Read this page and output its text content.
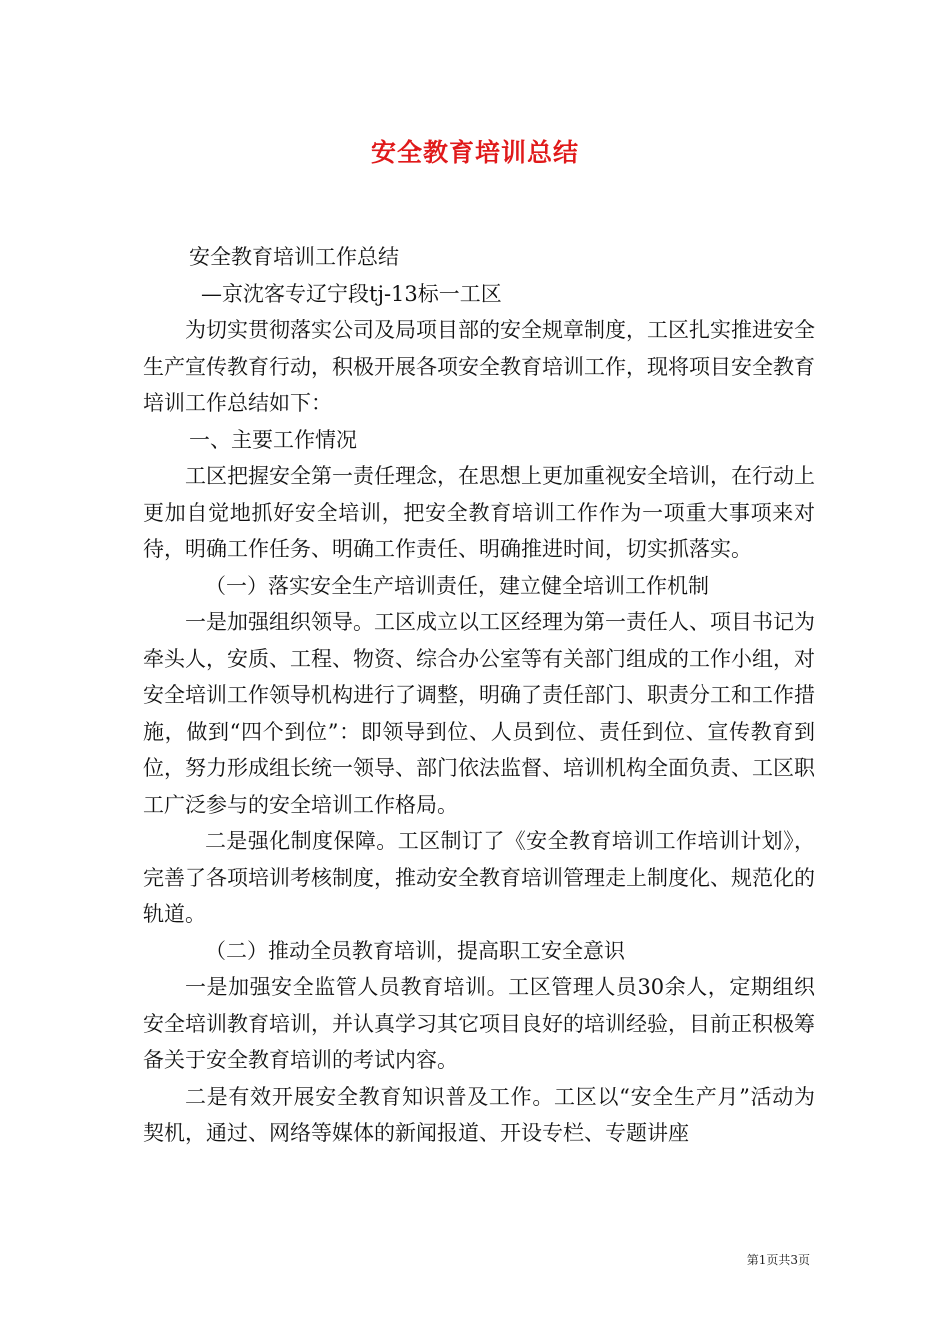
安全教育培训总结

安全教育培训工作总结

—京沈客专辽宁段tj-13标一工区

为切实贯彻落实公司及局项目部的安全规章制度，工区扎实推进安全生产宣传教育行动，积极开展各项安全教育培训工作，现将项目安全教育培训工作总结如下：

一、主要工作情况

工区把握安全第一责任理念，在思想上更加重视安全培训，在行动上更加自觉地抓好安全培训，把安全教育培训工作作为一项重大事项来对待，明确工作任务、明确工作责任、明确推进时间，切实抓落实。

（一）落实安全生产培训责任，建立健全培训工作机制

一是加强组织领导。工区成立以工区经理为第一责任人、项目书记为牵头人，安质、工程、物资、综合办公室等有关部门组成的工作小组，对安全培训工作领导机构进行了调整，明确了责任部门、职责分工和工作措施，做到“四个到位”：即领导到位、人员到位、责任到位、宣传教育到位，努力形成组长统一领导、部门依法监督、培训机构全面负责、工区职工广泛参与的安全培训工作格局。

二是强化制度保障。工区制订了《安全教育培训工作培训计划》，完善了各项培训考核制度，推动安全教育培训管理走上制度化、规范化的轨道。

（二）推动全员教育培训，提高职工安全意识

一是加强安全监管人员教育培训。工区管理人员30余人，定期组织安全培训教育培训，并认真学习其它项目良好的培训经验，目前正积极筹备关于安全教育培训的考试内容。

二是有效开展安全教育知识普及工作。工区以“安全生产月”活动为契机，通过、网络等媒体的新闻报道、开设专栏、专题讲座

第1页共3页
